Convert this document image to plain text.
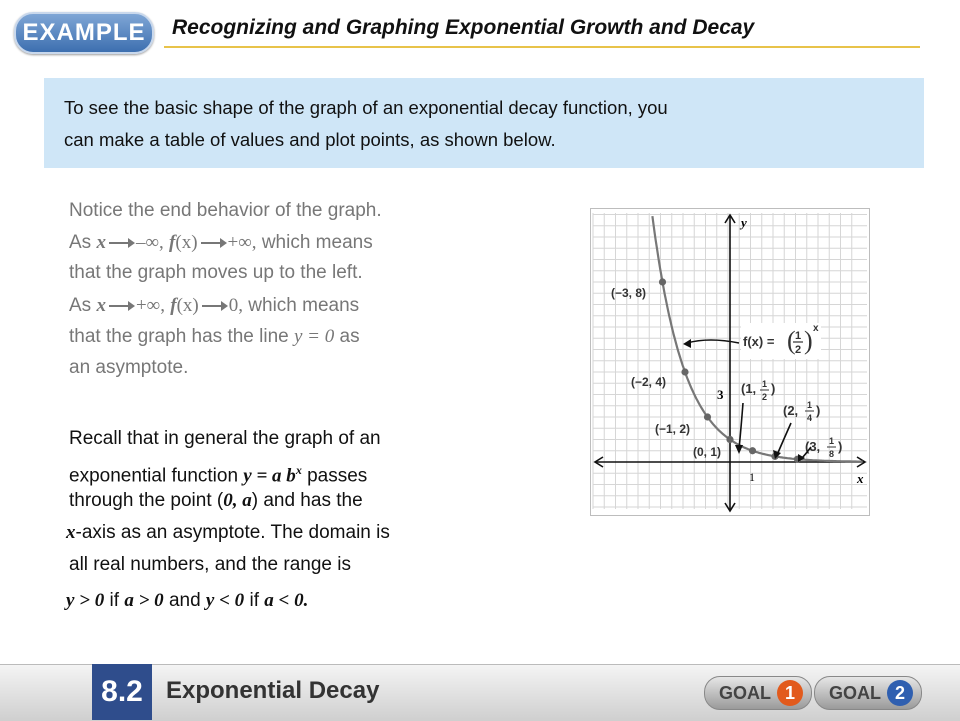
EXAMPLE	Recognizing and Graphing Exponential Growth and Decay
To see the basic shape of the graph of an exponential decay function, you
can make a table of values and plot points, as shown below.
Notice the end behavior of the graph.
As x –∞, f(x) +∞, which means
that the graph moves up to the left.
As x +∞, f(x) 0, which means
that the graph has the line y = 0 as
an asymptote.
Recall that in general the graph of an
exponential function y = a $b^x$ passes
through the point (0, a) and has the
x-axis as an asymptote. The domain is
all real numbers, and the range is
y > 0 if a > 0 and y < 0 if a < 0.
y
x
1
3
(−3, 8)
(−2, 4)
(−1, 2)
(0, 1)
(1, 1
2
)
(2, 1
4 )
(3, 1
8 )
f(x) = ( 1
2 ) x
8.2 Exponential Decay	GOAL 1	GOAL 2
